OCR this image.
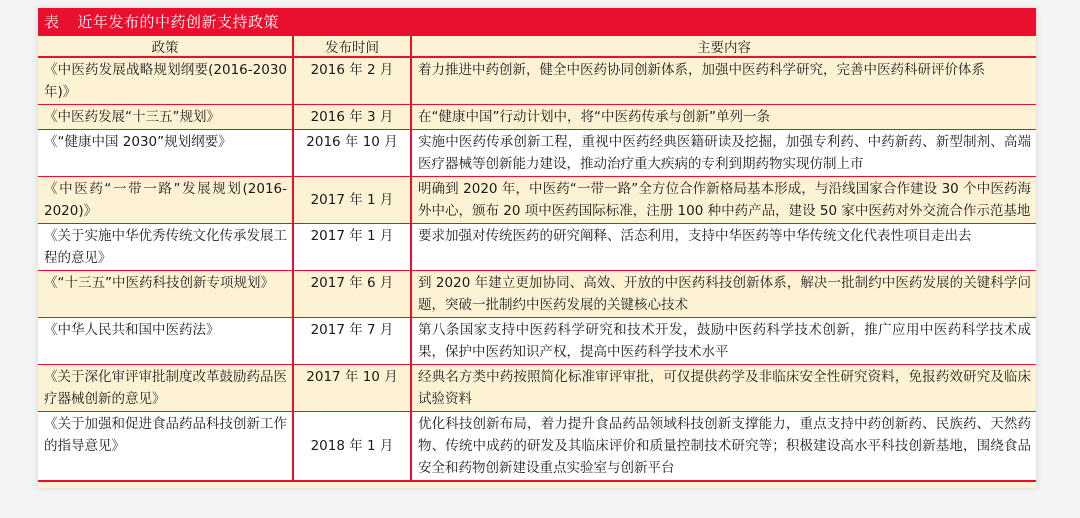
表 近年发布的中药创新支持政策
政策	发布时间	主要内容
《中医药发展战略规划纲要(2016-2030年)》	2016 年 2 月	着力推进中药创新，健全中医药协同创新体系，加强中医药科学研究，完善中医药科研评价体系
《中医药发展“十三五”规划》	2016 年 3 月	在“健康中国”行动计划中，将“中医药传承与创新”单列一条
《“健康中国 2030”规划纲要》	2016 年 10 月	实施中医药传承创新工程，重视中医药经典医籍研读及挖掘，加强专利药、中药新药、新型制剂、高端医疗器械等创新能力建设，推动治疗重大疾病的专利到期药物实现仿制上市
《中医药“一带一路”发展规划(2016-2020)》	2017 年 1 月	明确到 2020 年，中医药“一带一路”全方位合作新格局基本形成，与沿线国家合作建设 30 个中医药海外中心，颁布 20 项中医药国际标准，注册 100 种中药产品，建设 50 家中医药对外交流合作示范基地
《关于实施中华优秀传统文化传承发展工程的意见》	2017 年 1 月	要求加强对传统医药的研究阐释、活态利用，支持中华医药等中华传统文化代表性项目走出去
《“十三五”中医药科技创新专项规划》	2017 年 6 月	到 2020 年建立更加协同、高效、开放的中医药科技创新体系，解决一批制约中医药发展的关键科学问题，突破一批制约中医药发展的关键核心技术
《中华人民共和国中医药法》	2017 年 7 月	第八条国家支持中医药科学研究和技术开发，鼓励中医药科学技术创新，推广应用中医药科学技术成果，保护中医药知识产权，提高中医药科学技术水平
《关于深化审评审批制度改革鼓励药品医疗器械创新的意见》	2017 年 10 月	经典名方类中药按照简化标准审评审批，可仅提供药学及非临床安全性研究资料，免报药效研究及临床试验资料
《关于加强和促进食品药品科技创新工作的指导意见》	2018 年 1 月	优化科技创新布局，着力提升食品药品领域科技创新支撑能力，重点支持中药创新药、民族药、天然药物、传统中成药的研发及其临床评价和质量控制技术研究等；积极建设高水平科技创新基地，围绕食品安全和药物创新建设重点实验室与创新平台
